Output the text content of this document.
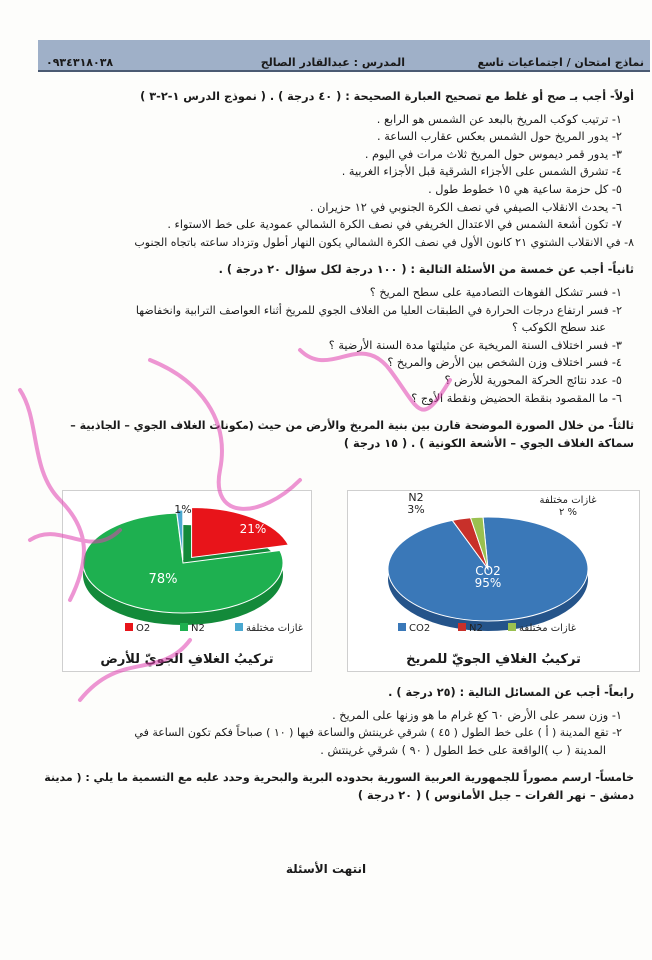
نماذج امتحان / اجتماعيات تاسع
المدرس : عبدالقادر الصالح
٠٩٣٤٣١٨٠٣٨
أولاً- أجب بـ صح أو غلط مع تصحيح العبارة الصحيحة : ( ٤٠ درجة ) . ( نموذج الدرس ١-٢-٣ )
١- ترتيب كوكب المريخ بالبعد عن الشمس هو الرابع .
٢- يدور المريخ حول الشمس بعكس عقارب الساعة .
٣- يدور قمر ديموس حول المريخ ثلاث مرات في اليوم .
٤- تشرق الشمس على الأجزاء الشرقية قبل الأجزاء الغربية .
٥- كل حزمة ساعية هي ١٥ خطوط طول .
٦- يحدث الانقلاب الصيفي في نصف الكرة الجنوبي في ١٢ حزيران .
٧- تكون أشعة الشمس في الاعتدال الخريفي في نصف الكرة الشمالي عمودية على خط الاستواء .
٨- في الانقلاب الشتوي ٢١ كانون الأول في نصف الكرة الشمالي يكون النهار أطول وتزداد ساعته باتجاه الجنوب
ثانياً- أجب عن خمسة من الأسئلة التالية : ( ١٠٠ درجة لكل سؤال ٢٠ درجة ) .
١- فسر تشكل الفوهات التصادمية على سطح المريخ ؟
٢- فسر ارتفاع درجات الحرارة في الطبقات العليا من الغلاف الجوي للمريخ أثناء العواصف الترابية وانخفاضها
عند سطح الكوكب ؟
٣- فسر اختلاف السنة المريخية عن مثيلتها مدة السنة الأرضية ؟
٤- فسر اختلاف وزن الشخص بين الأرض والمريخ ؟
٥- عدد نتائج الحركة المحورية للأرض ؟
٦- ما المقصود بنقطة الحضيض ونقطة الأوج ؟
ثالثاً- من خلال الصورة الموضحة قارن بين بنية المريخ والأرض من حيث (مكونات الغلاف الجوي – الجاذبية –
سماكة الغلاف الجوي – الأشعة الكونية ) . ( ١٥ درجة )
21%
78%
1%
O2	N2	غازات مختلفة
تركيبُ الغلافِ الجويّ للأرض
CO2
95%
N2
3%
غازات مختلفة
٢ %
CO2	N2	غازات مختلفة
تركيبُ الغلافِ الجويّ للمريخ
رابعاً- أجب عن المسائل التالية : (٢٥ درجة ) .
١- وزن سمر على الأرض ٦٠ كغ غرام ما هو وزنها على المريخ .
٢- تقع المدينة ( أ ) على خط الطول ( ٤٥ ) شرقي غرينتش والساعة فيها ( ١٠ ) صباحاً فكم تكون الساعة في
المدينة ( ب )الواقعة على خط الطول ( ٩٠ ) شرقي غرينتش .
خامساً- ارسم مصوراً للجمهورية العربية السورية بحدوده البرية والبحرية وحدد عليه مع التسمية ما يلي : ( مدينة
دمشق – نهر الفرات – جبل الأمانوس ) ( ٢٠ درجة )
انتهت الأسئلة
